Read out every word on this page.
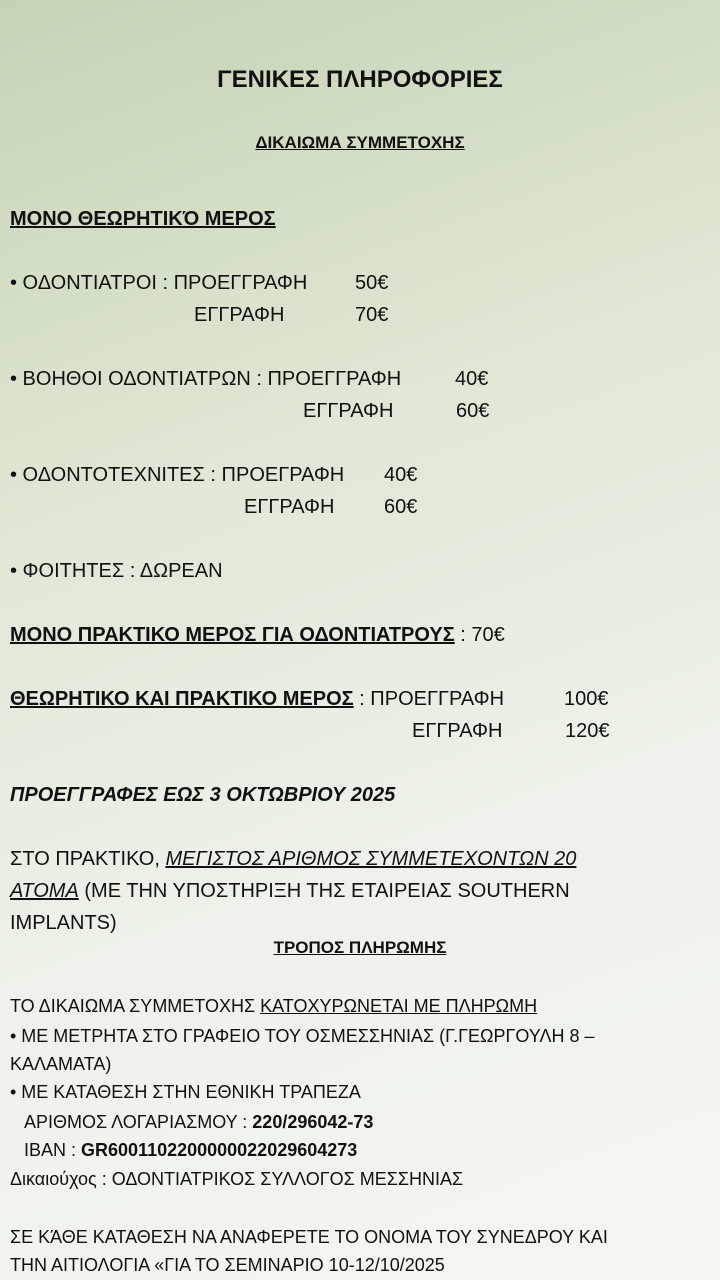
ΓΕΝΙΚΕΣ ΠΛΗΡΟΦΟΡΙΕΣ
ΔΙΚΑΙΩΜΑ ΣΥΜΜΕΤΟΧΗΣ
ΜΟΝΟ ΘΕΩΡΗΤΙΚΌ ΜΕΡΟΣ
• ΟΔΟΝΤΙΑΤΡΟΙ : ΠΡΟΕΓΓΡΑΦΗ 50€
ΕΓΓΡΑΦΗ	70€
• ΒΟΗΘΟΙ ΟΔΟΝΤΙΑΤΡΩΝ : ΠΡΟΕΓΓΡΑΦΗ	40€
ΕΓΓΡΑΦΗ	60€
• ΟΔΟΝΤΟΤΕΧΝΙΤΕΣ : ΠΡΟΕΓΡΑΦΗ 40€
ΕΓΓΡΑΦΗ 60€
• ΦΟΙΤΗΤΕΣ : ΔΩΡΕΑΝ
ΜΟΝΟ ΠΡΑΚΤΙΚΟ ΜΕΡΟΣ ΓΙΑ ΟΔΟΝΤΙΑΤΡΟΥΣ : 70€
ΘΕΩΡΗΤΙΚΟ ΚΑΙ ΠΡΑΚΤΙΚΟ ΜΕΡΟΣ : ΠΡΟΕΓΓΡΑΦΗ	100€
ΕΓΓΡΑΦΗ	120€
ΠΡΟΕΓΓΡΑΦΕΣ ΕΩΣ 3 ΟΚΤΩΒΡΙΟΥ 2025
ΣΤΟ ΠΡΑΚΤΙΚΟ, ΜΕΓΙΣΤΟΣ ΑΡΙΘΜΟΣ ΣΥΜΜΕΤΕΧΟΝΤΩΝ 20
ΑΤΟΜΑ (ΜΕ ΤΗΝ ΥΠΟΣΤΗΡΙΞΗ ΤΗΣ ΕΤΑΙΡΕΙΑΣ SOUTHERN
IMPLANTS)
ΤΡΟΠΟΣ ΠΛΗΡΩΜΗΣ
ΤΟ ΔΙΚΑΙΩΜΑ ΣΥΜΜΕΤΟΧΗΣ ΚΑΤΟΧΥΡΩΝΕΤΑΙ ΜΕ ΠΛΗΡΩΜΗ
• ΜΕ ΜΕΤΡΗΤΑ ΣΤΟ ΓΡΑΦΕΙΟ ΤΟΥ ΟΣΜΕΣΣΗΝΙΑΣ (Γ.ΓΕΩΡΓΟΥΛΗ 8 –
ΚΑΛΑΜΑΤΑ)
• ΜΕ ΚΑΤΑΘΕΣΗ ΣΤΗΝ ΕΘΝΙΚΗ ΤΡΑΠΕΖΑ
ΑΡΙΘΜΟΣ ΛΟΓΑΡΙΑΣΜΟΥ : 220/296042-73
IBAN : GR6001102200000022029604273
Δικαιούχος : ΟΔΟΝΤΙΑΤΡΙΚΟΣ ΣΥΛΛΟΓΟΣ ΜΕΣΣΗΝΙΑΣ
ΣΕ ΚΆΘΕ ΚΑΤΑΘΕΣΗ ΝΑ ΑΝΑΦΕΡΕΤΕ ΤΟ ΟΝΟΜΑ ΤΟΥ ΣΥΝΕΔΡΟΥ ΚΑΙ
ΤΗΝ ΑΙΤΙΟΛΟΓΙΑ «ΓΙΑ ΤΟ ΣΕΜΙΝΑΡΙΟ 10-12/10/2025
